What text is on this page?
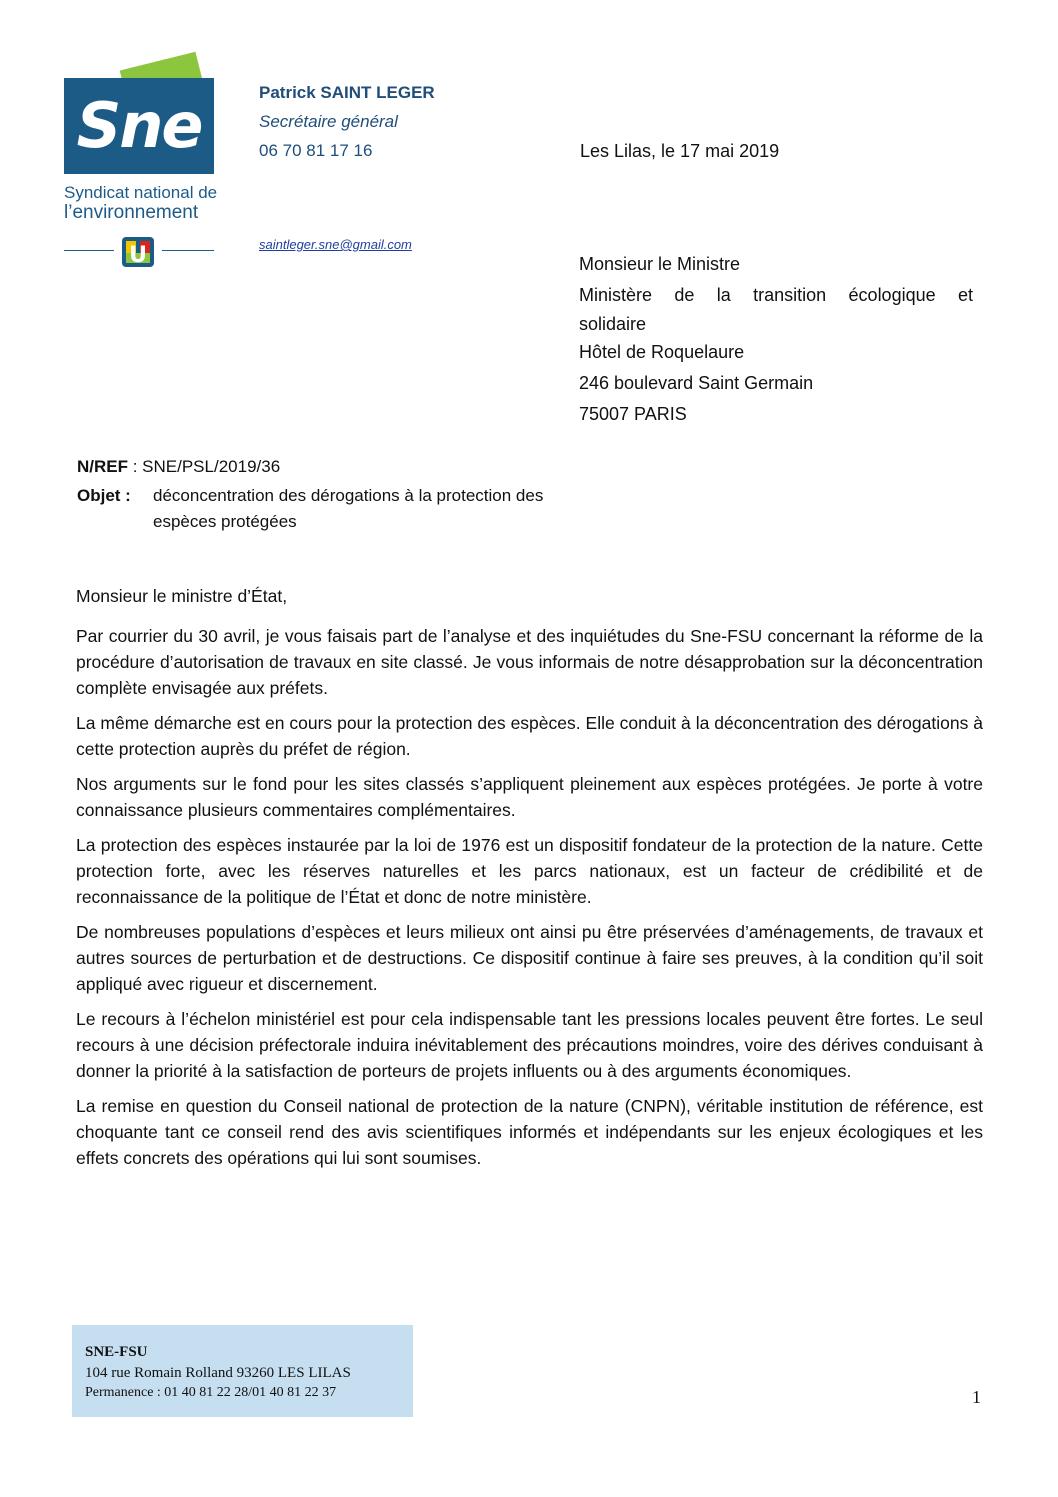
Sne
Syndicat national de
l’environnement
U
Patrick SAINT LEGER
Secrétaire général
06 70 81 17 16
saintleger.sne@gmail.com
Les Lilas, le 17 mai 2019
Monsieur le Ministre
Ministère de la transition écologique et
solidaire
Hôtel de Roquelaure
246 boulevard Saint Germain
75007 PARIS
N/REF : SNE/PSL/2019/36
Objet : déconcentration des dérogations à la protection des espèces protégées

Monsieur le ministre d’État,

Par courrier du 30 avril, je vous faisais part de l’analyse et des inquiétudes du Sne-FSU concernant la réforme de la procédure d’autorisation de travaux en site classé. Je vous informais de notre désapprobation sur la déconcentration complète envisagée aux préfets.

La même démarche est en cours pour la protection des espèces. Elle conduit à la déconcentration des dérogations à cette protection auprès du préfet de région.

Nos arguments sur le fond pour les sites classés s’appliquent pleinement aux espèces protégées. Je porte à votre connaissance plusieurs commentaires complémentaires.

La protection des espèces instaurée par la loi de 1976 est un dispositif fondateur de la protection de la nature. Cette protection forte, avec les réserves naturelles et les parcs nationaux, est un facteur de crédibilité et de reconnaissance de la politique de l’État et donc de notre ministère.

De nombreuses populations d’espèces et leurs milieux ont ainsi pu être préservées d’aménagements, de travaux et autres sources de perturbation et de destructions. Ce dispositif continue à faire ses preuves, à la condition qu’il soit appliqué avec rigueur et discernement.

Le recours à l’échelon ministériel est pour cela indispensable tant les pressions locales peuvent être fortes. Le seul recours à une décision préfectorale induira inévitablement des précautions moindres, voire des dérives conduisant à donner la priorité à la satisfaction de porteurs de projets influents ou à des arguments économiques.

La remise en question du Conseil national de protection de la nature (CNPN), véritable institution de référence, est choquante tant ce conseil rend des avis scientifiques informés et indépendants sur les enjeux écologiques et les effets concrets des opérations qui lui sont soumises.

SNE-FSU
104 rue Romain Rolland 93260 LES LILAS
Permanence : 01 40 81 22 28/01 40 81 22 37	1
